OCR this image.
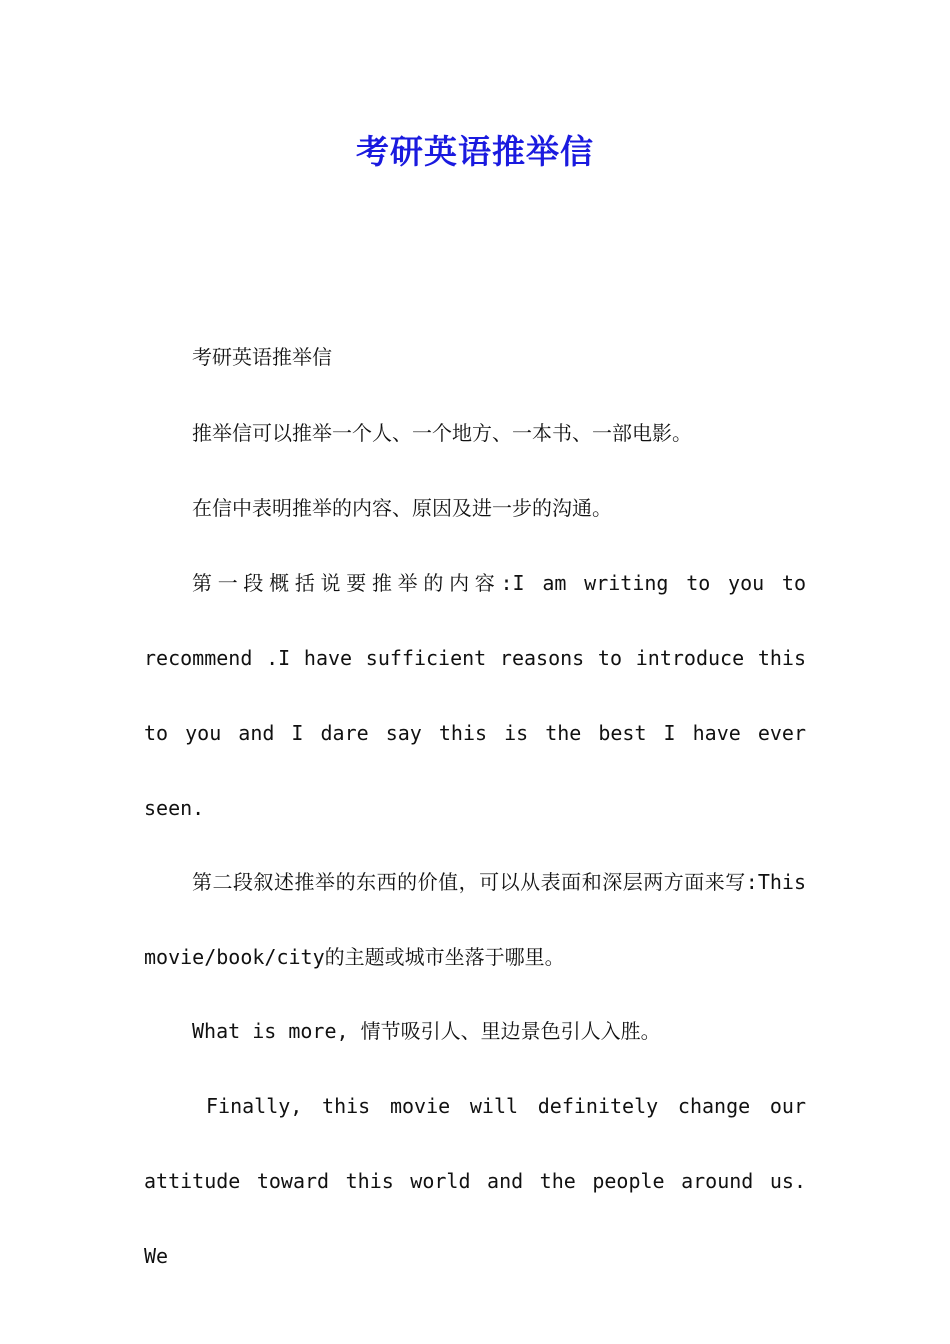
考研英语推举信

考研英语推举信

推举信可以推举一个人、一个地方、一本书、一部电影。

在信中表明推举的内容、原因及进一步的沟通。

第一段概括说要推举的内容:I am writing to you to recommend .I have sufficient reasons to introduce this to you and I dare say this is the best I have ever seen.

第二段叙述推举的东西的价值，可以从表面和深层两方面来写:This movie/book/city的主题或城市坐落于哪里。

What is more, 情节吸引人、里边景色引人入胜。

Finally, this movie will definitely change our attitude toward this world and the people around us. We
